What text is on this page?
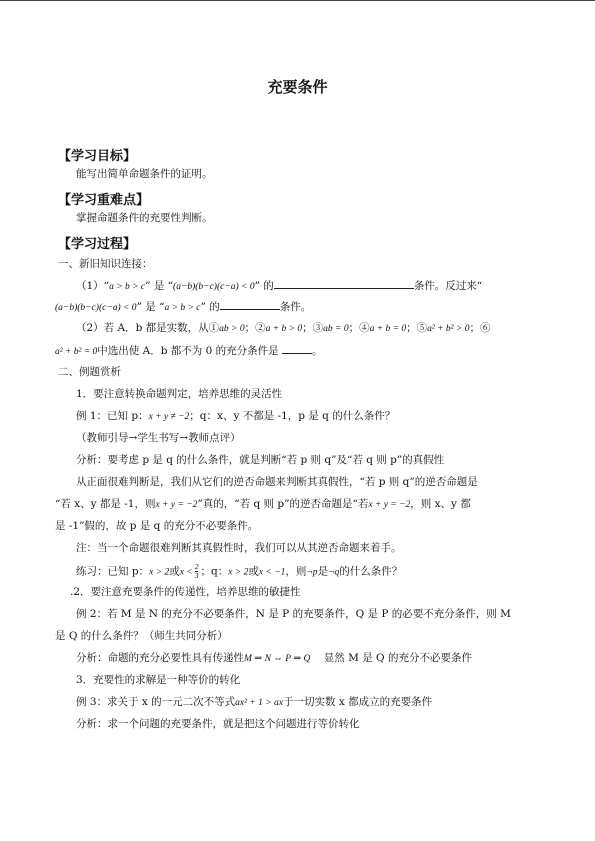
充要条件
【学习目标】
能写出简单命题条件的证明。
【学习重难点】
掌握命题条件的充要性判断。
【学习过程】
一、新旧知识连接：
（1）“a > b > c” 是 “(a−b)(b−c)(c−a) < 0” 的	条件。反过来“
(a−b)(b−c)(c−a) < 0” 是 “a > b > c” 的	条件。
（2）若 A．b 都是实数，从①ab > 0；②a + b > 0；③ab = 0；④a + b = 0；⑤a² + b² > 0；⑥
a² + b² = 0中选出使 A．b 都不为 0 的充分条件是	。
二、例题赏析
1．要注意转换命题判定，培养思维的灵活性
例 1：已知 p：x + y ≠ −2；q：x、y 不都是 -1，p 是 q 的什么条件？
（教师引导→学生书写→教师点评）
分析：要考虑 p 是 q 的什么条件，就是判断“若 p 则 q”及“若 q 则 p”的真假性
从正面很难判断是，我们从它们的逆否命题来判断其真假性，“若 p 则 q”的逆否命题是
“若 x、y 都是 -1，则x + y = −2”真的，“若 q 则 p”的逆否命题是“若x + y = −2，则 x、y 都
是 -1”假的，故 p 是 q 的充分不必要条件。
注：当一个命题很难判断其真假性时，我们可以从其逆否命题来着手。
练习：已知 p：x > 2或$x < \frac{2}{3}$ ；q：x > 2或x < −1，则¬p是¬q的什么条件？
.2．要注意充要条件的传递性，培养思维的敏捷性
例 2：若 M 是 N 的充分不必要条件，N 是 P 的充要条件，Q 是 P 的必要不充分条件，则 M
是 Q 的什么条件？（师生共同分析）
分析：命题的充分必要性具有传递性M ⇒ N ⇔ P ⇒ Q 显然 M 是 Q 的充分不必要条件
3．充要性的求解是一种等价的转化
例 3：求关于 x 的一元二次不等式ax² + 1 > ax于一切实数 x 都成立的充要条件
分析：求一个问题的充要条件，就是把这个问题进行等价转化
